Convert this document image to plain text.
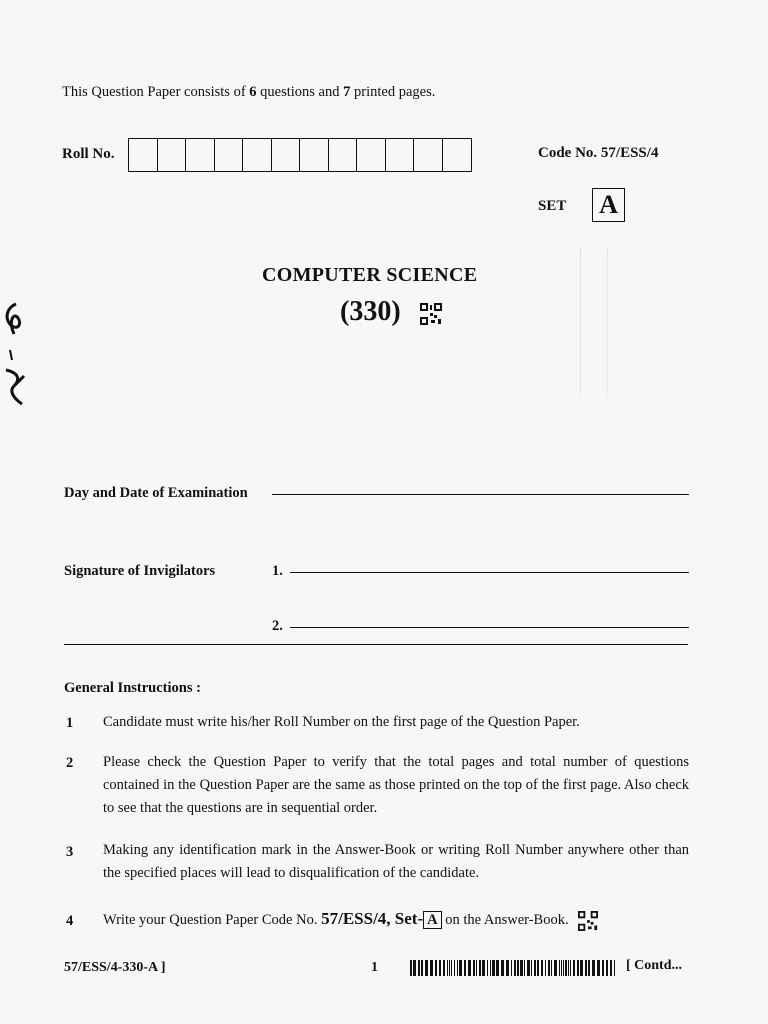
This Question Paper consists of 6 questions and 7 printed pages.
Roll No.	Code No. 57/ESS/4
SET A
COMPUTER SCIENCE
(330)
Day and Date of Examination
Signature of Invigilators	1.
2.
General Instructions :
1 Candidate must write his/her Roll Number on the first page of the Question Paper.
2 Please check the Question Paper to verify that the total pages and total number of questions contained in the Question Paper are the same as those printed on the top of the first page. Also check to see that the questions are in sequential order.
3 Making any identification mark in the Answer-Book or writing Roll Number anywhere other than the specified places will lead to disqualification of the candidate.
4 Write your Question Paper Code No. 57/ESS/4, Set- A on the Answer-Book.
57/ESS/4-330-A ]	1	[ Contd...
